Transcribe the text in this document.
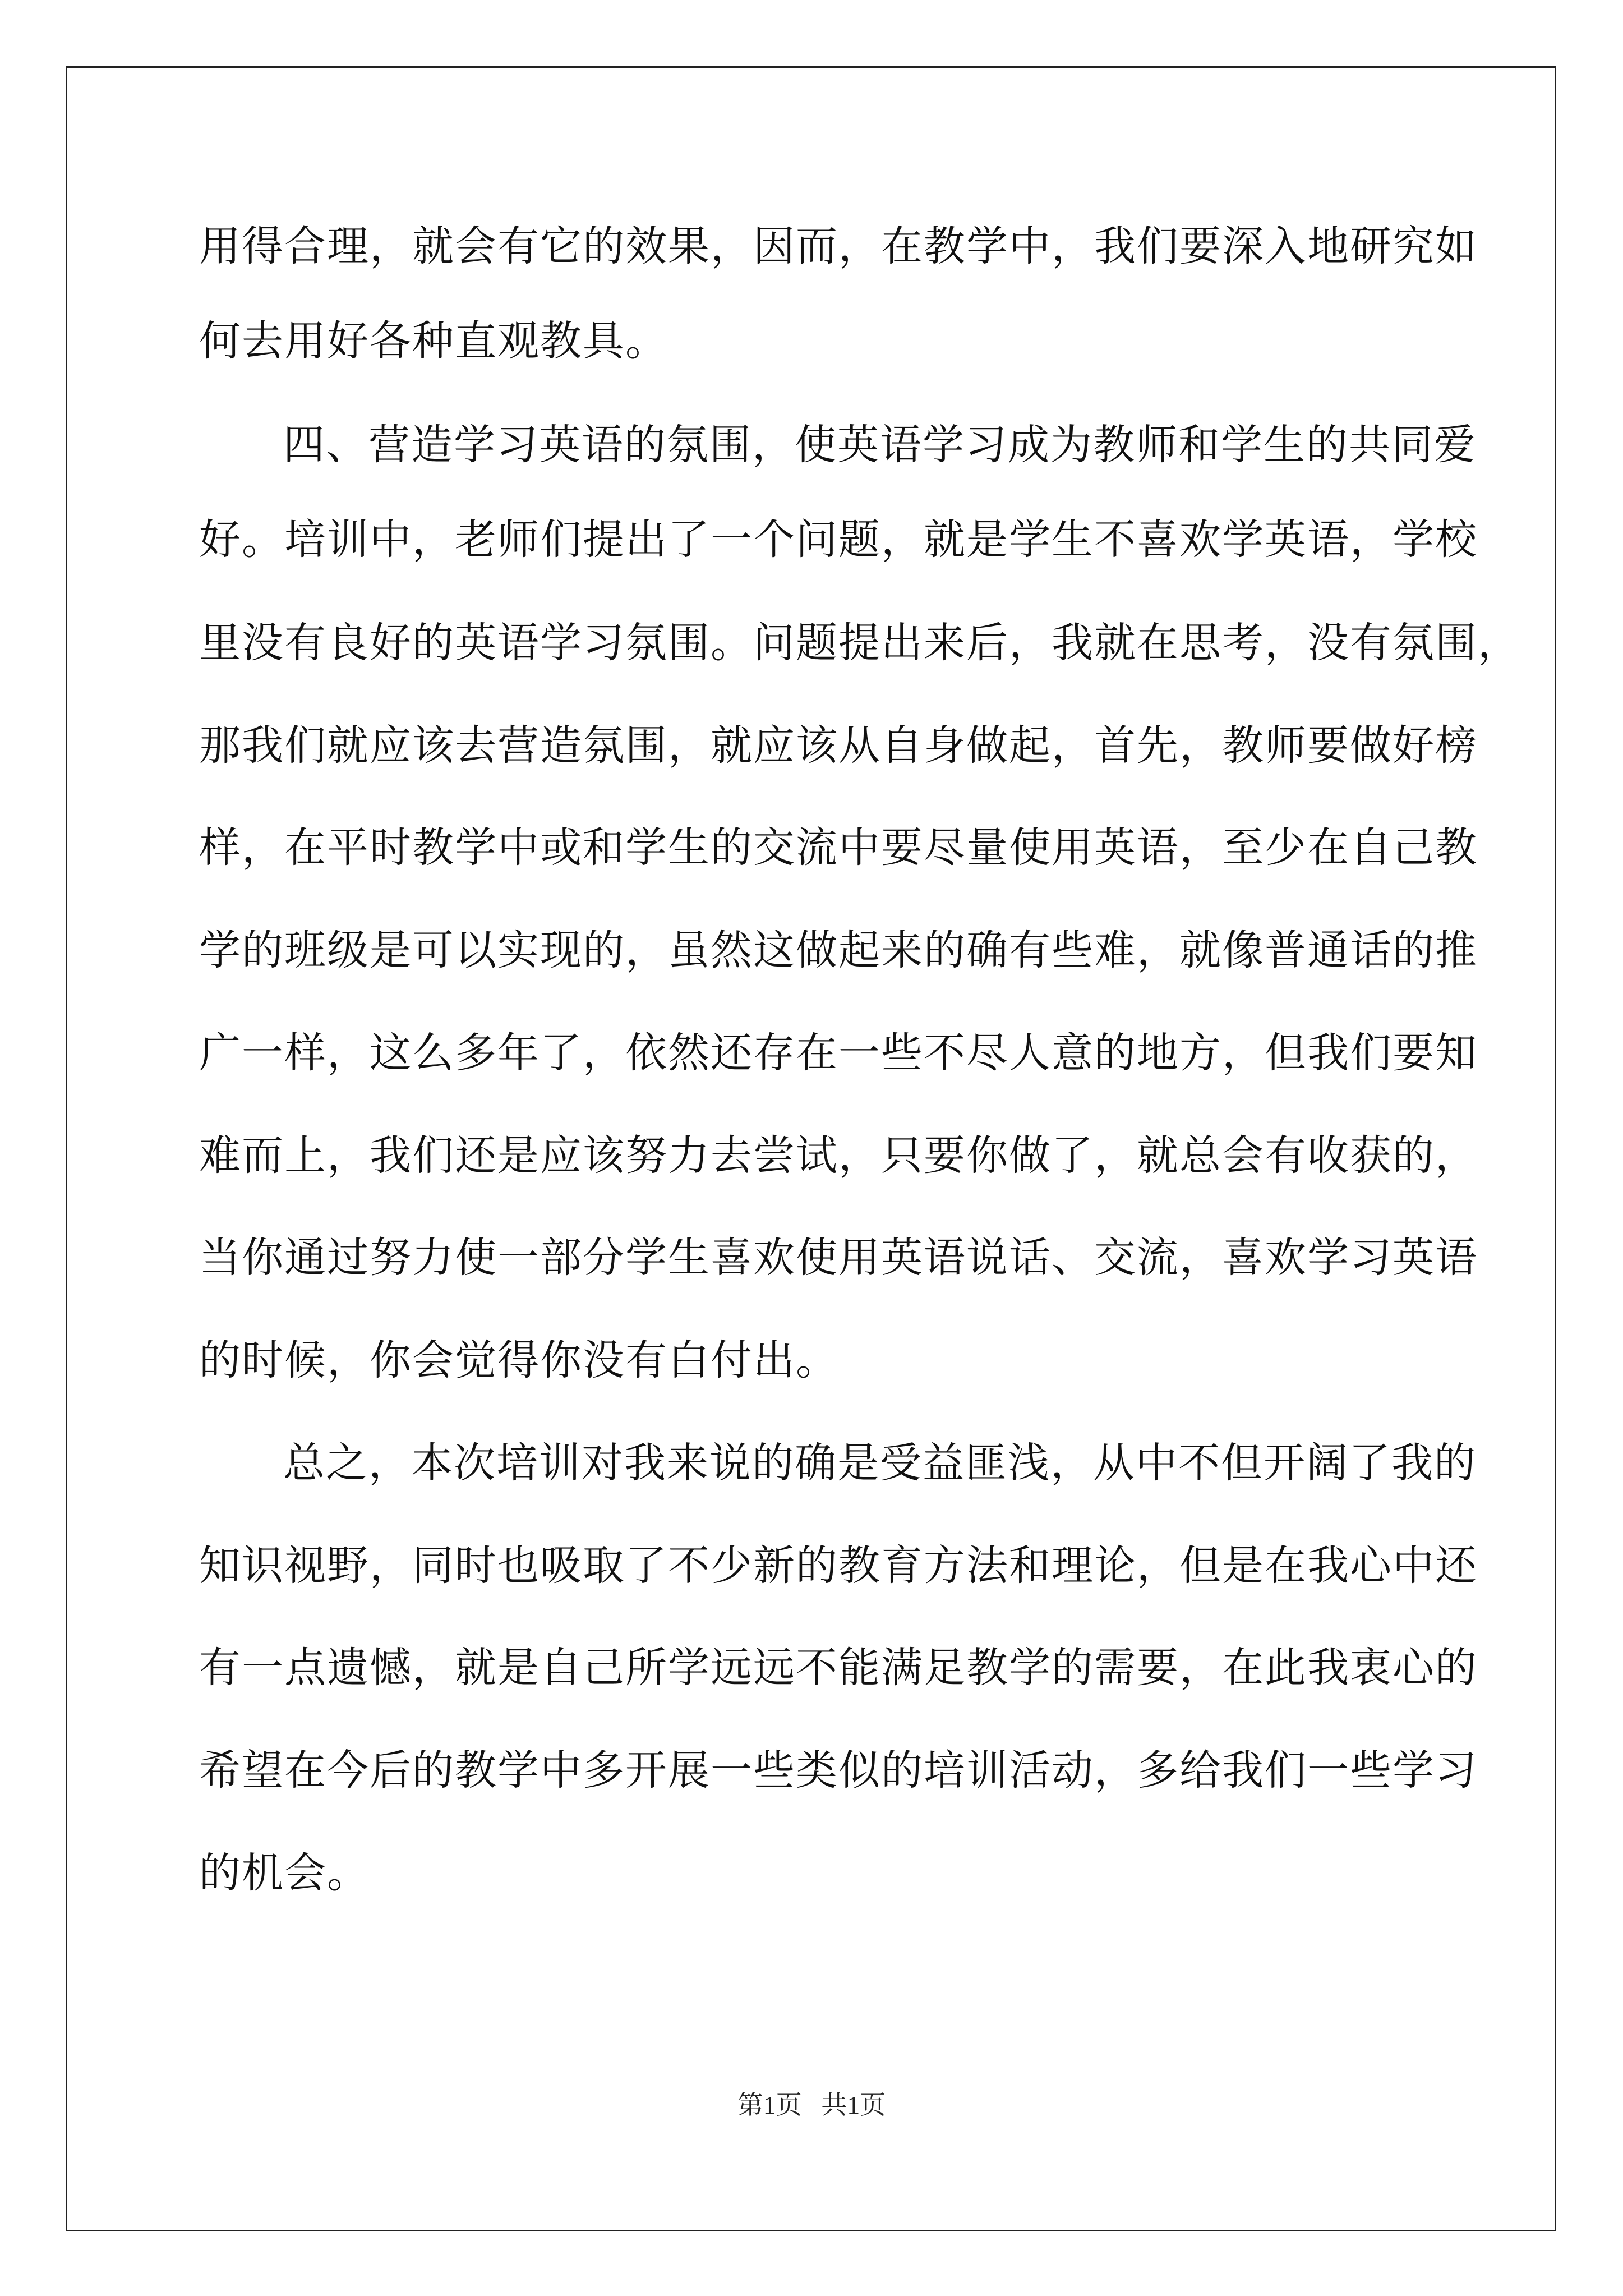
用得合理，就会有它的效果，因而，在教学中，我们要深入地研究如
何去用好各种直观教具。
四、营造学习英语的氛围，使英语学习成为教师和学生的共同爱
好。培训中，老师们提出了一个问题，就是学生不喜欢学英语，学校
里没有良好的英语学习氛围。问题提出来后，我就在思考，没有氛围，
那我们就应该去营造氛围，就应该从自身做起，首先，教师要做好榜
样，在平时教学中或和学生的交流中要尽量使用英语，至少在自己教
学的班级是可以实现的，虽然这做起来的确有些难，就像普通话的推
广一样，这么多年了，依然还存在一些不尽人意的地方，但我们要知
难而上，我们还是应该努力去尝试，只要你做了，就总会有收获的，
当你通过努力使一部分学生喜欢使用英语说话、交流，喜欢学习英语
的时候，你会觉得你没有白付出。
总之，本次培训对我来说的确是受益匪浅，从中不但开阔了我的
知识视野，同时也吸取了不少新的教育方法和理论，但是在我心中还
有一点遗憾，就是自己所学远远不能满足教学的需要，在此我衷心的
希望在今后的教学中多开展一些类似的培训活动，多给我们一些学习
的机会。
第1页   共1页
